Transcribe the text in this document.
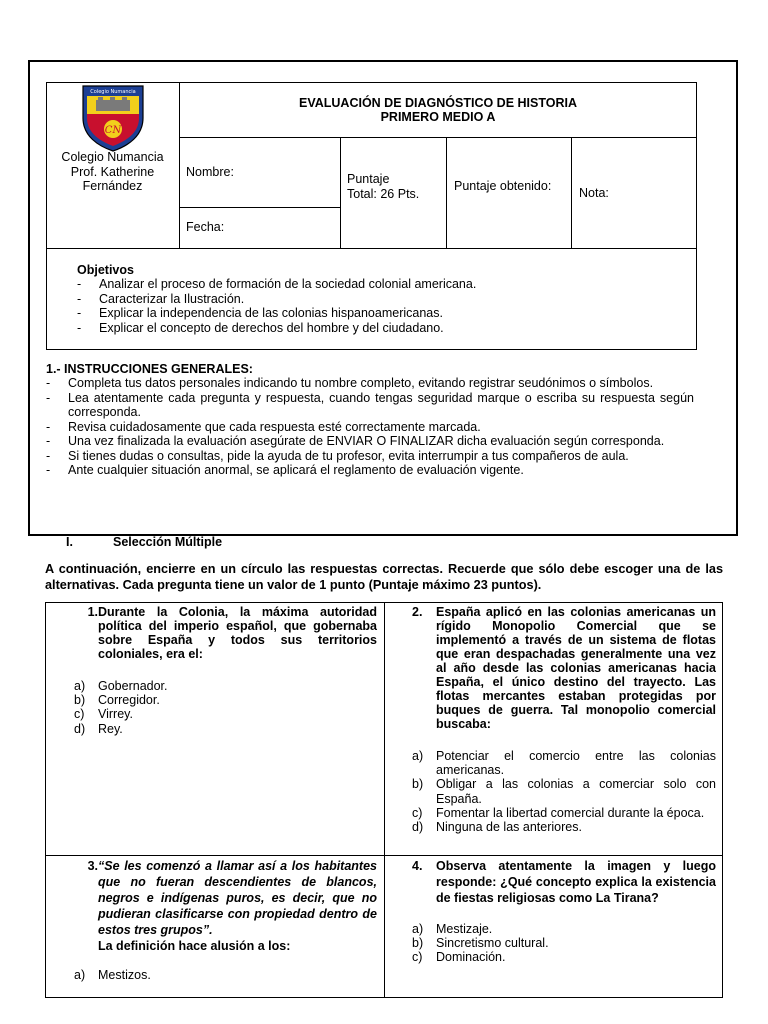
CN
Colegio Numancia
Colegio Numancia
Prof. Katherine Fernández
EVALUACIÓN DE DIAGNÓSTICO DE HISTORIA
PRIMERO MEDIO A
Nombre:
Fecha:
Puntaje
Total: 26 Pts.
Puntaje obtenido: Nota:
Objetivos
- Analizar el proceso de formación de la sociedad colonial americana.
- Caracterizar la Ilustración.
- Explicar la independencia de las colonias hispanoamericanas.
- Explicar el concepto de derechos del hombre y del ciudadano.
1.- INSTRUCCIONES GENERALES:
- Completa tus datos personales indicando tu nombre completo, evitando registrar seudónimos o símbolos.
- Lea atentamente cada pregunta y respuesta, cuando tengas seguridad marque o escriba su respuesta según corresponda.
- Revisa cuidadosamente que cada respuesta esté correctamente marcada.
- Una vez finalizada la evaluación asegúrate de ENVIAR O FINALIZAR dicha evaluación según corresponda.
- Si tienes dudas o consultas, pide la ayuda de tu profesor, evita interrumpir a tus compañeros de aula.
- Ante cualquier situación anormal, se aplicará el reglamento de evaluación vigente.
I.	Selección Múltiple
A continuación, encierre en un círculo las respuestas correctas. Recuerde que sólo debe escoger una de las alternativas. Cada pregunta tiene un valor de 1 punto (Puntaje máximo 23 puntos).
1. Durante la Colonia, la máxima autoridad política del imperio español, que gobernaba sobre España y todos sus territorios coloniales, era el:
a) Gobernador.
b) Corregidor.
c) Virrey.
d) Rey.
2.	España aplicó en las colonias americanas un rígido Monopolio Comercial que se implementó a través de un sistema de flotas que eran despachadas generalmente una vez al año desde las colonias americanas hacia España, el único destino del trayecto. Las flotas mercantes estaban protegidas por buques de guerra. Tal monopolio comercial buscaba:
a) Potenciar el comercio entre las colonias americanas.
b) Obligar a las colonias a comerciar solo con España.
c) Fomentar la libertad comercial durante la época.
d) Ninguna de las anteriores.
3. “Se les comenzó a llamar así a los habitantes que no fueran descendientes de blancos, negros e indígenas puros, es decir, que no pudieran clasificarse con propiedad dentro de estos tres grupos”.
La definición hace alusión a los:
a) Mestizos.
4.	Observa atentamente la imagen y luego responde: ¿Qué concepto explica la existencia de fiestas religiosas como La Tirana?
a) Mestizaje.
b) Sincretismo cultural.
c) Dominación.
